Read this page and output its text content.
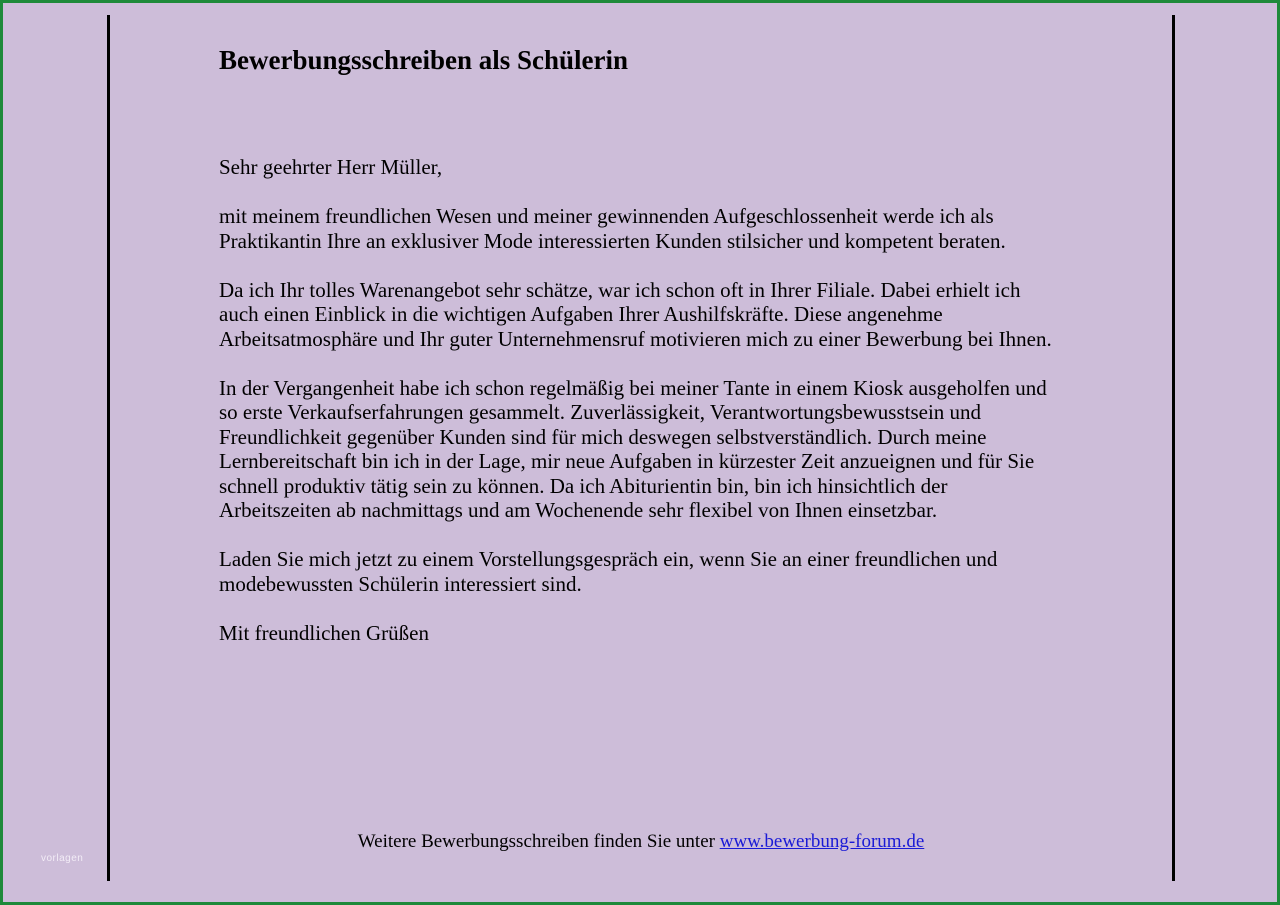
Bewerbungsschreiben als Schülerin

Sehr geehrter Herr Müller,

mit meinem freundlichen Wesen und meiner gewinnenden Aufgeschlossenheit werde ich als Praktikantin Ihre an exklusiver Mode interessierten Kunden stilsicher und kompetent beraten.

Da ich Ihr tolles Warenangebot sehr schätze, war ich schon oft in Ihrer Filiale. Dabei erhielt ich auch einen Einblick in die wichtigen Aufgaben Ihrer Aushilfskräfte. Diese angenehme Arbeitsatmosphäre und Ihr guter Unternehmensruf motivieren mich zu einer Bewerbung bei Ihnen.

In der Vergangenheit habe ich schon regelmäßig bei meiner Tante in einem Kiosk ausgeholfen und so erste Verkaufserfahrungen gesammelt. Zuverlässigkeit, Verantwortungsbewusstsein und Freundlichkeit gegenüber Kunden sind für mich deswegen selbstverständlich. Durch meine Lernbereitschaft bin ich in der Lage, mir neue Aufgaben in kürzester Zeit anzueignen und für Sie schnell produktiv tätig sein zu können. Da ich Abiturientin bin, bin ich hinsichtlich der Arbeitszeiten ab nachmittags und am Wochenende sehr flexibel von Ihnen einsetzbar.

Laden Sie mich jetzt zu einem Vorstellungsgespräch ein, wenn Sie an einer freundlichen und modebewussten Schülerin interessiert sind.

Mit freundlichen Grüßen

Weitere Bewerbungsschreiben finden Sie unter www.bewerbung-forum.de
vorlagen
